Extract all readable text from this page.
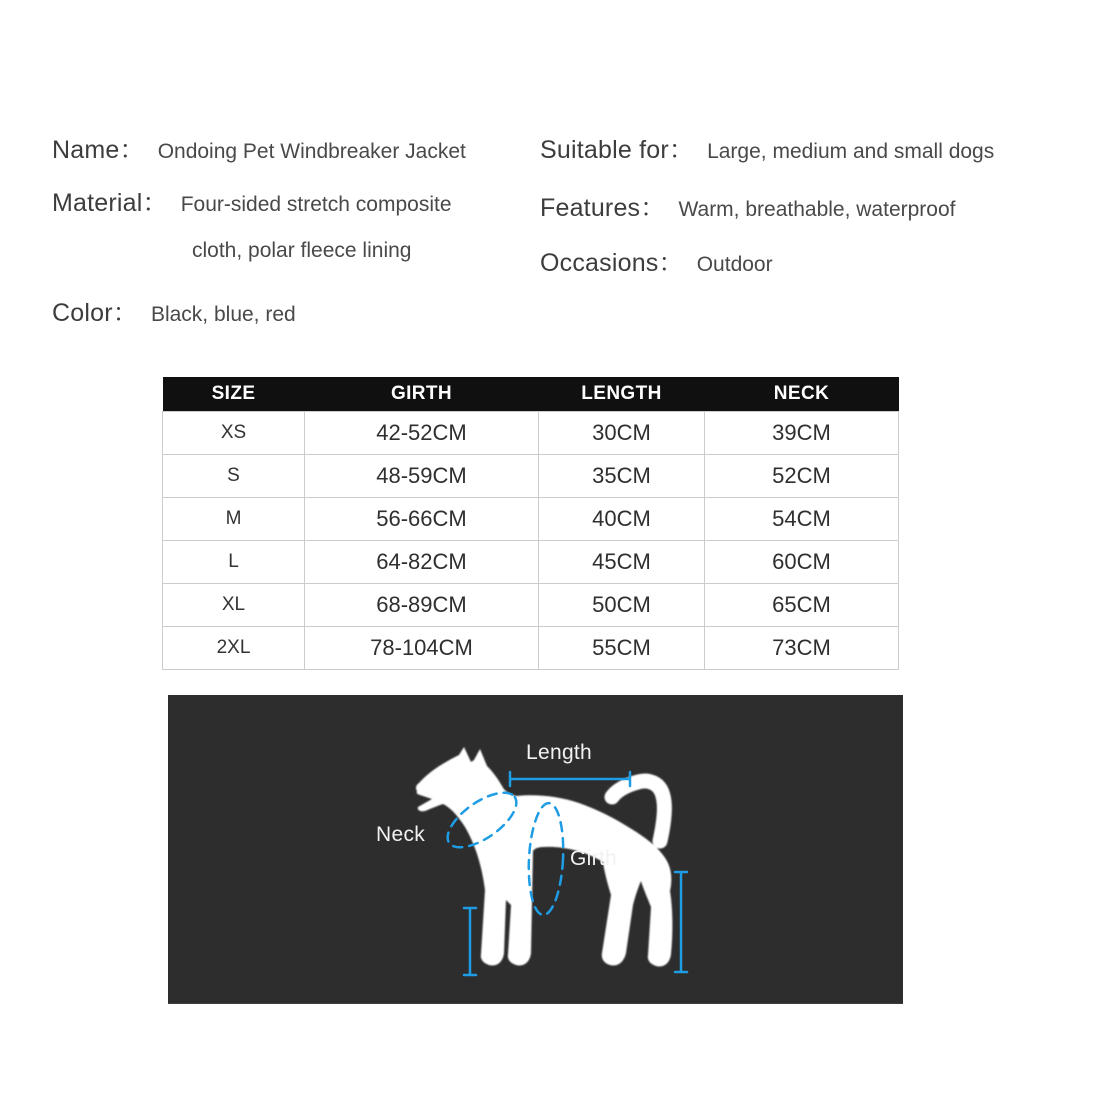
Name： Ondoing Pet Windbreaker Jacket
Material： Four-sided stretch composite
cloth, polar fleece lining
Color： Black, blue, red
Suitable for： Large, medium and small dogs
Features： Warm, breathable, waterproof
Occasions： Outdoor
SIZE	GIRTH	LENGTH	NECK
XS	42-52CM	30CM	39CM
S	48-59CM	35CM	52CM
M	56-66CM	40CM	54CM
L	64-82CM	45CM	60CM
XL	68-89CM	50CM	65CM
2XL	78-104CM	55CM	73CM
Length
Neck
Girth
